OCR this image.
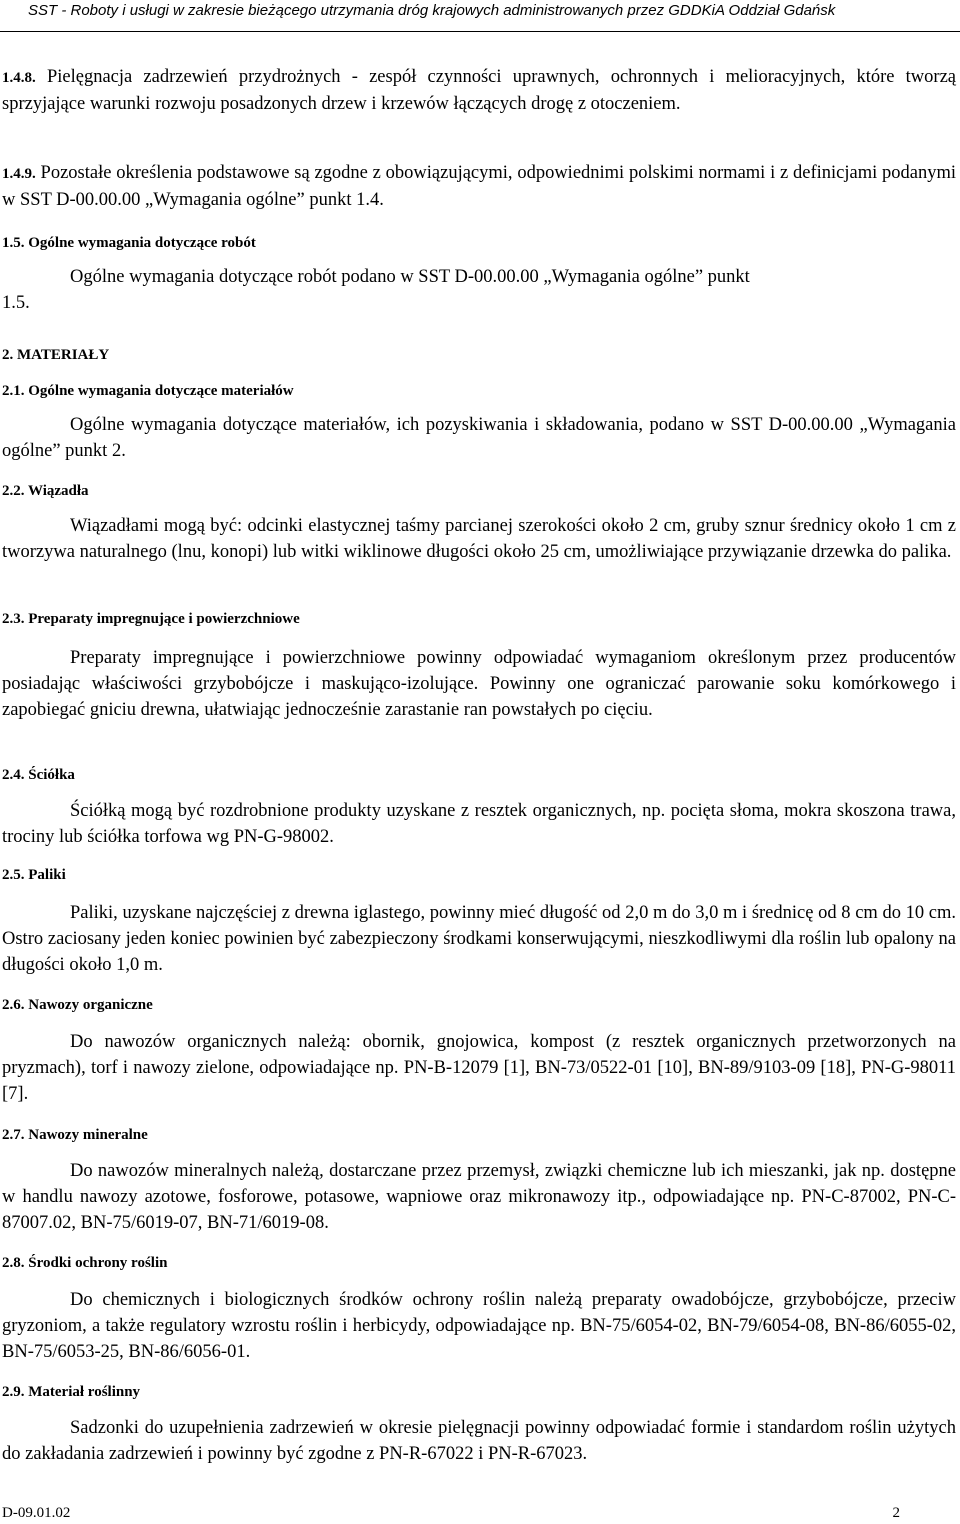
SST - Roboty i usługi w zakresie bieżącego utrzymania dróg krajowych administrowanych przez GDDKiA Oddział Gdańsk

1.4.8. Pielęgnacja zadrzewień przydrożnych - zespół czynności uprawnych, ochronnych i melioracyjnych, które tworzą sprzyjające warunki rozwoju posadzonych drzew i krzewów łączących drogę z otoczeniem.

1.4.9. Pozostałe określenia podstawowe są zgodne z obowiązującymi, odpowiednimi polskimi normami i z definicjami podanymi w SST D-00.00.00 „Wymagania ogólne” punkt 1.4.

1.5. Ogólne wymagania dotyczące robót

Ogólne wymagania dotyczące robót podano w SST D-00.00.00 „Wymagania ogólne” punkt

1.5.

2. MATERIAŁY
2.1. Ogólne wymagania dotyczące materiałów

Ogólne wymagania dotyczące materiałów, ich pozyskiwania i składowania, podano w SST D-00.00.00 „Wymagania ogólne” punkt 2.

2.2. Wiązadła

Wiązadłami mogą być: odcinki elastycznej taśmy parcianej szerokości około 2 cm, gruby sznur średnicy około 1 cm z tworzywa naturalnego (lnu, konopi) lub witki wiklinowe długości około 25 cm, umożliwiające przywiązanie drzewka do palika.

2.3. Preparaty impregnujące i powierzchniowe

Preparaty impregnujące i powierzchniowe powinny odpowiadać wymaganiom określonym przez producentów posiadając właściwości grzybobójcze i maskująco-izolujące. Powinny one ograniczać parowanie soku komórkowego i zapobiegać gniciu drewna, ułatwiając jednocześnie zarastanie ran powstałych po cięciu.

2.4. Ściółka

Ściółką mogą być rozdrobnione produkty uzyskane z resztek organicznych, np. pocięta słoma, mokra skoszona trawa, trociny lub ściółka torfowa wg PN-G-98002.

2.5. Paliki

Paliki, uzyskane najczęściej z drewna iglastego, powinny mieć długość od 2,0 m do 3,0 m i średnicę od 8 cm do 10 cm. Ostro zaciosany jeden koniec powinien być zabezpieczony środkami konserwującymi, nieszkodliwymi dla roślin lub opalony na długości około 1,0 m.

2.6. Nawozy organiczne

Do nawozów organicznych należą: obornik, gnojowica, kompost (z resztek organicznych przetworzonych na pryzmach), torf i nawozy zielone, odpowiadające np. PN-B-12079 [1], BN-73/0522-01 [10], BN-89/9103-09 [18], PN-G-98011 [7].

2.7. Nawozy mineralne

Do nawozów mineralnych należą, dostarczane przez przemysł, związki chemiczne lub ich mieszanki, jak np. dostępne w handlu nawozy azotowe, fosforowe, potasowe, wapniowe oraz mikronawozy itp., odpowiadające np. PN-C-87002, PN-C-87007.02, BN-75/6019-07, BN-71/6019-08.

2.8. Środki ochrony roślin

Do chemicznych i biologicznych środków ochrony roślin należą preparaty owadobójcze, grzybobójcze, przeciw gryzoniom, a także regulatory wzrostu roślin i herbicydy, odpowiadające np. BN-75/6054-02, BN-79/6054-08, BN-86/6055-02, BN-75/6053-25, BN-86/6056-01.

2.9. Materiał roślinny

Sadzonki do uzupełnienia zadrzewień w okresie pielęgnacji powinny odpowiadać formie i standardom roślin użytych do zakładania zadrzewień i powinny być zgodne z PN-R-67022 i PN-R-67023.

D-09.01.02	2
